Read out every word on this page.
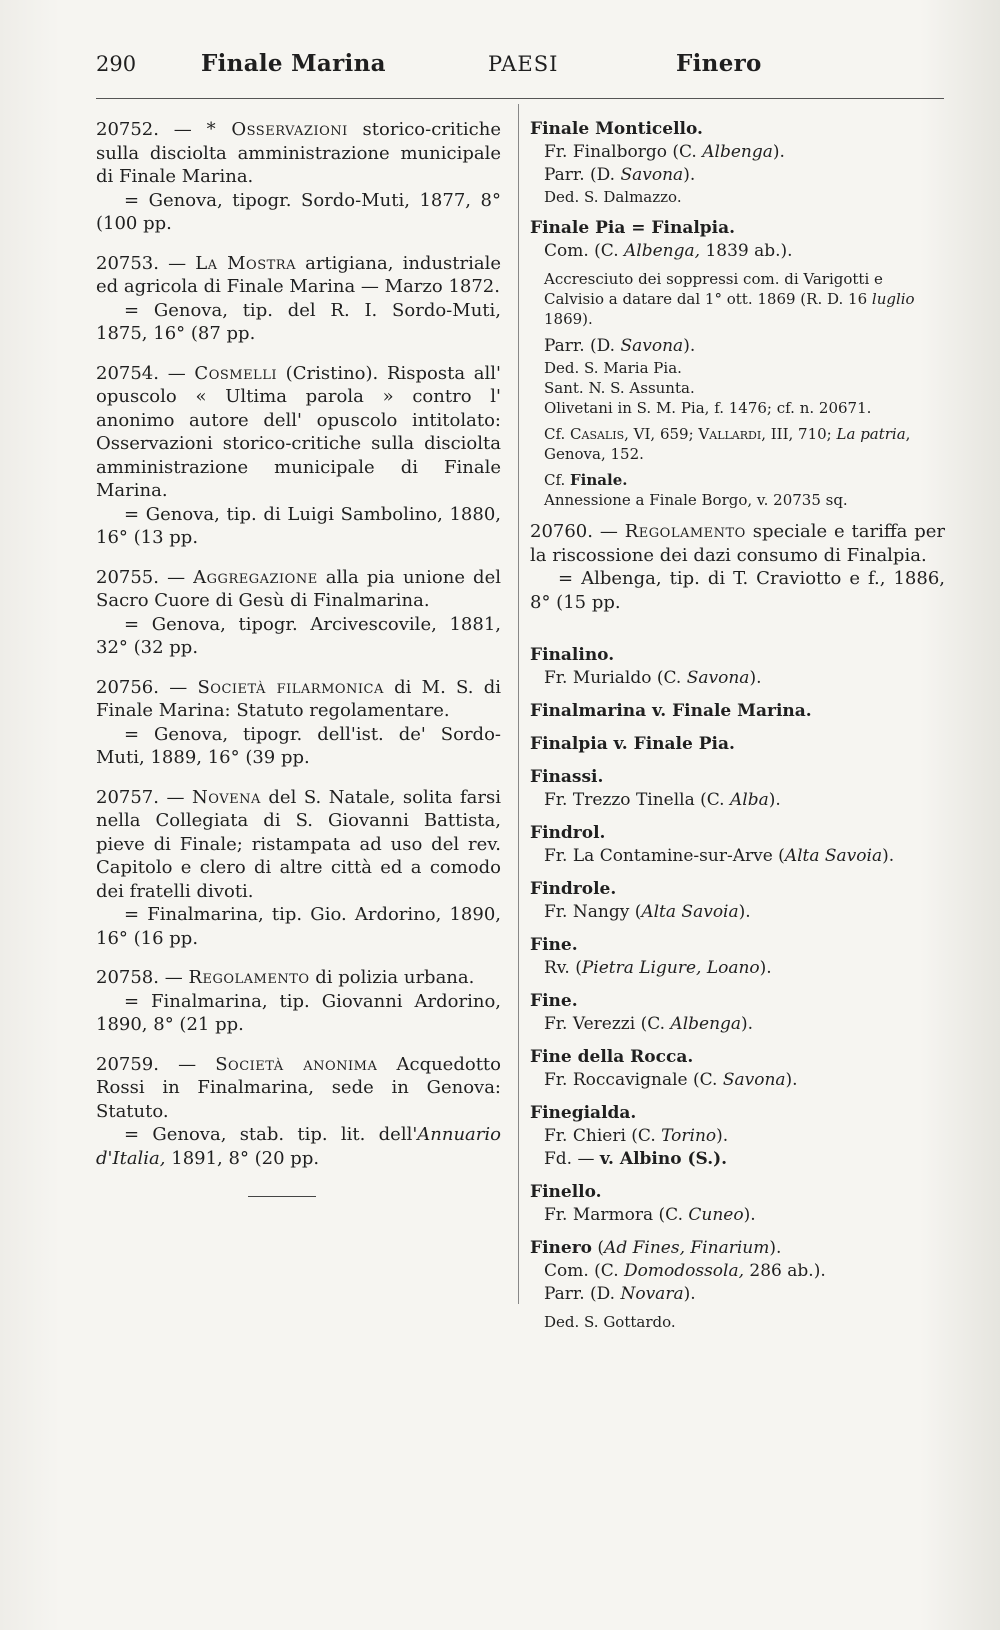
290	Finale Marina	PAESI	Finero

20752. — * Osservazioni storico-critiche sulla disciolta amministrazione municipale di Finale Marina.

= Genova, tipogr. Sordo-Muti, 1877, 8° (100 pp.

20753. — La Mostra artigiana, industriale ed agricola di Finale Marina — Marzo 1872.

= Genova, tip. del R. I. Sordo-Muti, 1875, 16° (87 pp.

20754. — Cosmelli (Cristino). Risposta all' opuscolo « Ultima parola » contro l' anonimo autore dell' opuscolo intitolato: Osservazioni storico-critiche sulla disciolta amministrazione municipale di Finale Marina.

= Genova, tip. di Luigi Sambolino, 1880, 16° (13 pp.

20755. — Aggregazione alla pia unione del Sacro Cuore di Gesù di Finalmarina.

= Genova, tipogr. Arcivescovile, 1881, 32° (32 pp.

20756. — Società filarmonica di M. S. di Finale Marina: Statuto regolamentare.

= Genova, tipogr. dell'ist. de' Sordo-Muti, 1889, 16° (39 pp.

20757. — Novena del S. Natale, solita farsi nella Collegiata di S. Giovanni Battista, pieve di Finale; ristampata ad uso del rev. Capitolo e clero di altre città ed a comodo dei fratelli divoti.

= Finalmarina, tip. Gio. Ardorino, 1890, 16° (16 pp.

20758. — Regolamento di polizia urbana.

= Finalmarina, tip. Giovanni Ardorino, 1890, 8° (21 pp.

20759. — Società anonima Acquedotto Rossi in Finalmarina, sede in Genova: Statuto.

= Genova, stab. tip. lit. dell'Annuario d'Italia, 1891, 8° (20 pp.

Finale Monticello.
Fr. Finalborgo (C. Albenga).
Parr. (D. Savona).
Ded. S. Dalmazzo.
Finale Pia = Finalpia.
Com. (C. Albenga, 1839 ab.).
Accresciuto dei soppressi com. di Varigotti e Calvisio a datare dal 1° ott. 1869 (R. D. 16 luglio 1869).
Parr. (D. Savona).
Ded. S. Maria Pia.
Sant. N. S. Assunta.
Olivetani in S. M. Pia, f. 1476; cf. n. 20671.
Cf. Casalis, VI, 659; Vallardi, III, 710; La patria, Genova, 152.
Cf. Finale.
Annessione a Finale Borgo, v. 20735 sq.

20760. — Regolamento speciale e tariffa per la riscossione dei dazi consumo di Finalpia.

= Albenga, tip. di T. Craviotto e f., 1886, 8° (15 pp.

Finalino.
Fr. Murialdo (C. Savona).
Finalmarina v. Finale Marina.
Finalpia v. Finale Pia.
Finassi.
Fr. Trezzo Tinella (C. Alba).
Findrol.
Fr. La Contamine-sur-Arve (Alta Savoia).
Findrole.
Fr. Nangy (Alta Savoia).
Fine.
Rv. (Pietra Ligure, Loano).
Fine.
Fr. Verezzi (C. Albenga).
Fine della Rocca.
Fr. Roccavignale (C. Savona).
Finegialda.
Fr. Chieri (C. Torino).
Fd. — v. Albino (S.).
Finello.
Fr. Marmora (C. Cuneo).
Finero (Ad Fines, Finarium).
Com. (C. Domodossola, 286 ab.).
Parr. (D. Novara).
Ded. S. Gottardo.
